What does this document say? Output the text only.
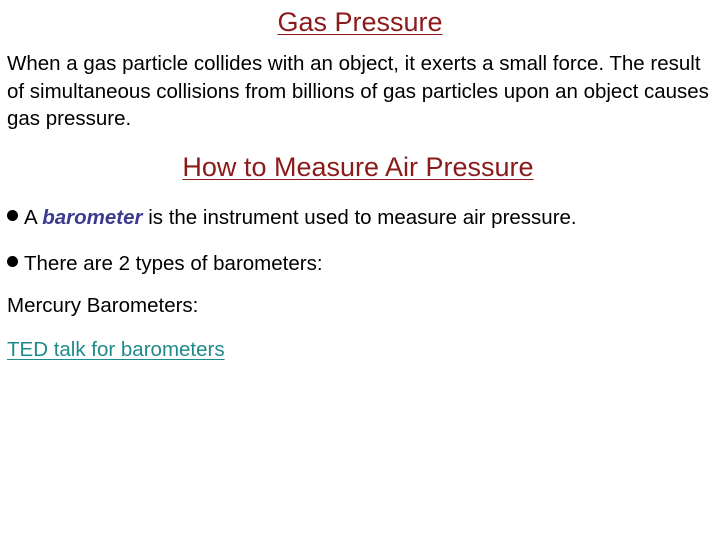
Gas Pressure

When a gas particle collides with an object, it exerts a small force. The result of simultaneous collisions from billions of gas particles upon an object causes gas pressure.

How to Measure Air Pressure
A barometer is the instrument used to measure air pressure.
There are 2 types of barometers:
Mercury Barometers:
TED talk for barometers
